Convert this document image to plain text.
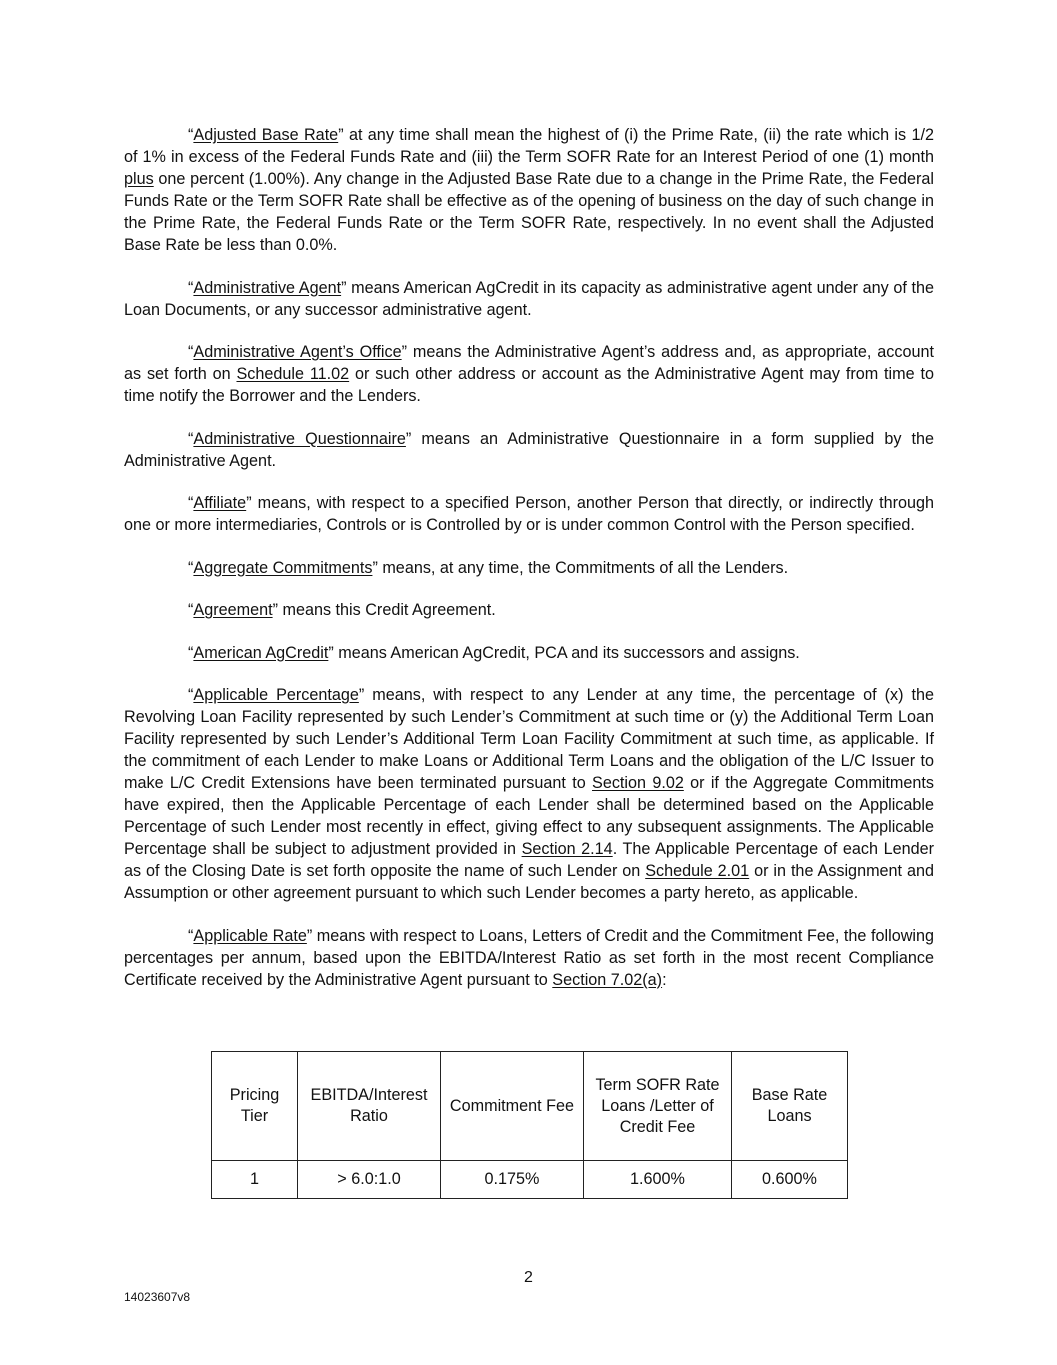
“Adjusted Base Rate” at any time shall mean the highest of (i) the Prime Rate, (ii) the rate which is 1/2 of 1% in excess of the Federal Funds Rate and (iii) the Term SOFR Rate for an Interest Period of one (1) month plus one percent (1.00%). Any change in the Adjusted Base Rate due to a change in the Prime Rate, the Federal Funds Rate or the Term SOFR Rate shall be effective as of the opening of business on the day of such change in the Prime Rate, the Federal Funds Rate or the Term SOFR Rate, respectively. In no event shall the Adjusted Base Rate be less than 0.0%.

“Administrative Agent” means American AgCredit in its capacity as administrative agent under any of the Loan Documents, or any successor administrative agent.

“Administrative Agent’s Office” means the Administrative Agent’s address and, as appropriate, account as set forth on Schedule 11.02 or such other address or account as the Administrative Agent may from time to time notify the Borrower and the Lenders.

“Administrative Questionnaire” means an Administrative Questionnaire in a form supplied by the Administrative Agent.

“Affiliate” means, with respect to a specified Person, another Person that directly, or indirectly through one or more intermediaries, Controls or is Controlled by or is under common Control with the Person specified.

“Aggregate Commitments” means, at any time, the Commitments of all the Lenders.

“Agreement” means this Credit Agreement.

“American AgCredit” means American AgCredit, PCA and its successors and assigns.

“Applicable Percentage” means, with respect to any Lender at any time, the percentage of (x) the Revolving Loan Facility represented by such Lender’s Commitment at such time or (y) the Additional Term Loan Facility represented by such Lender’s Additional Term Loan Facility Commitment at such time, as applicable. If the commitment of each Lender to make Loans or Additional Term Loans and the obligation of the L/C Issuer to make L/C Credit Extensions have been terminated pursuant to Section 9.02 or if the Aggregate Commitments have expired, then the Applicable Percentage of each Lender shall be determined based on the Applicable Percentage of such Lender most recently in effect, giving effect to any subsequent assignments. The Applicable Percentage shall be subject to adjustment provided in Section 2.14. The Applicable Percentage of each Lender as of the Closing Date is set forth opposite the name of such Lender on Schedule 2.01 or in the Assignment and Assumption or other agreement pursuant to which such Lender becomes a party hereto, as applicable.

“Applicable Rate” means with respect to Loans, Letters of Credit and the Commitment Fee, the following percentages per annum, based upon the EBITDA/Interest Ratio as set forth in the most recent Compliance Certificate received by the Administrative Agent pursuant to Section 7.02(a):

Pricing Tier	EBITDA/Interest Ratio	Commitment Fee	Term SOFR Rate Loans /Letter of Credit Fee	Base Rate Loans
1	> 6.0:1.0	0.175%	1.600%	0.600%
2
14023607v8
